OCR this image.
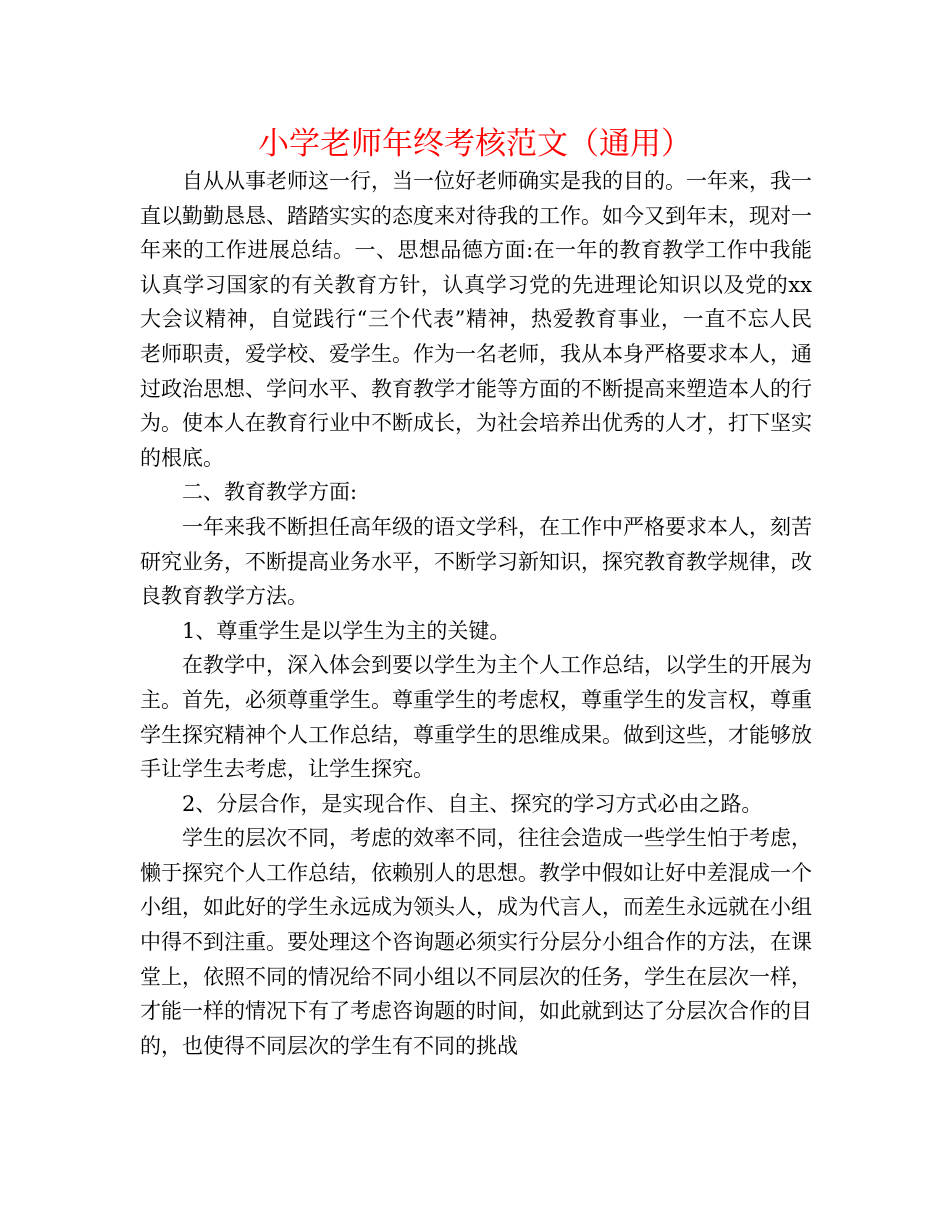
小学老师年终考核范文（通用）

自从从事老师这一行，当一位好老师确实是我的目的。一年来，我一直以勤勤恳恳、踏踏实实的态度来对待我的工作。如今又到年末，现对一年来的工作进展总结。一、思想品德方面:在一年的教育教学工作中我能认真学习国家的有关教育方针，认真学习党的先进理论知识以及党的xx大会议精神，自觉践行“三个代表”精神，热爱教育事业，一直不忘人民老师职责，爱学校、爱学生。作为一名老师，我从本身严格要求本人，通过政治思想、学问水平、教育教学才能等方面的不断提高来塑造本人的行为。使本人在教育行业中不断成长，为社会培养出优秀的人才，打下坚实的根底。

二、教育教学方面:

一年来我不断担任高年级的语文学科，在工作中严格要求本人，刻苦研究业务，不断提高业务水平，不断学习新知识，探究教育教学规律，改良教育教学方法。

1、尊重学生是以学生为主的关键。

在教学中，深入体会到要以学生为主个人工作总结，以学生的开展为主。首先，必须尊重学生。尊重学生的考虑权，尊重学生的发言权，尊重学生探究精神个人工作总结，尊重学生的思维成果。做到这些，才能够放手让学生去考虑，让学生探究。

2、分层合作，是实现合作、自主、探究的学习方式必由之路。

学生的层次不同，考虑的效率不同，往往会造成一些学生怕于考虑，懒于探究个人工作总结，依赖别人的思想。教学中假如让好中差混成一个小组，如此好的学生永远成为领头人，成为代言人，而差生永远就在小组中得不到注重。要处理这个咨询题必须实行分层分小组合作的方法，在课堂上，依照不同的情况给不同小组以不同层次的任务，学生在层次一样，才能一样的情况下有了考虑咨询题的时间，如此就到达了分层次合作的目的，也使得不同层次的学生有不同的挑战
